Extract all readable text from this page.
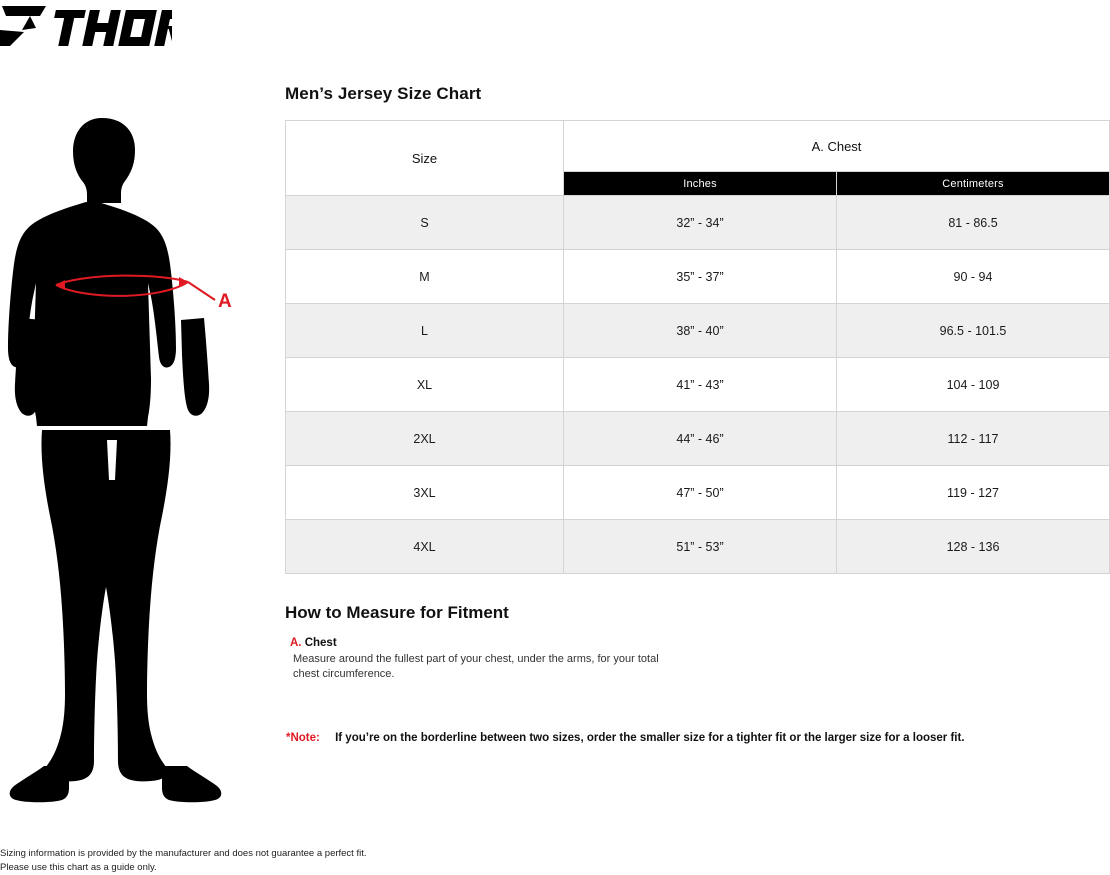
A
Men’s Jersey Size Chart
Size	A. Chest	
	Inches	Centimeters
S	32” - 34”	81 - 86.5
M	35” - 37”	90 - 94
L	38” - 40”	96.5 - 101.5
XL	41” - 43”	104 - 109
2XL	44” - 46”	112 - 117
3XL	47” - 50”	119 - 127
4XL	51” - 53”	128 - 136
How to Measure for Fitment
A. Chest
Measure around the fullest part of your chest, under the arms, for your total chest circumference.
*Note: If you’re on the borderline between two sizes, order the smaller size for a tighter fit or the larger size for a looser fit.
Sizing information is provided by the manufacturer and does not guarantee a perfect fit.
Please use this chart as a guide only.
